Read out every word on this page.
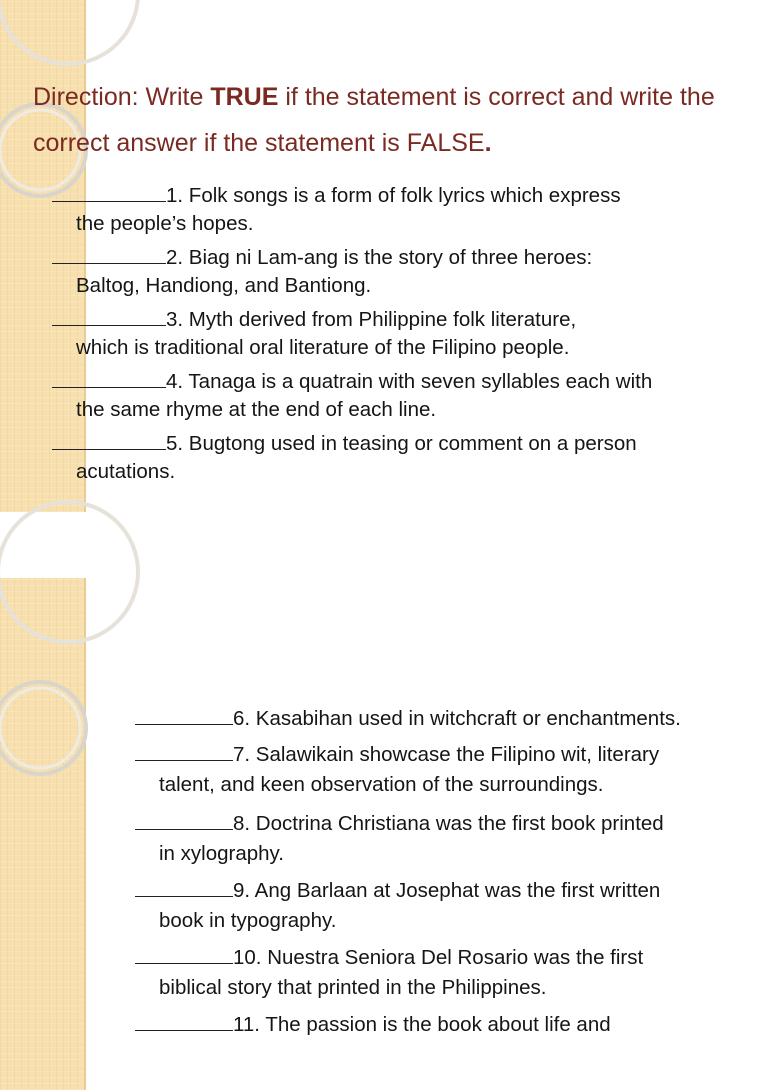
Direction: Write TRUE if the statement is correct and write the correct answer if the statement is FALSE.
1. Folk songs is a form of folk lyrics which express
the people’s hopes.
2. Biag ni Lam-ang is the story of three heroes:
Baltog, Handiong, and Bantiong.
3. Myth derived from Philippine folk literature,
which is traditional oral literature of the Filipino people.
4. Tanaga is a quatrain with seven syllables each with
the same rhyme at the end of each line.
5. Bugtong used in teasing or comment on a person
acutations.
6. Kasabihan used in witchcraft or enchantments.
7. Salawikain showcase the Filipino wit, literary
talent, and keen observation of the surroundings.
8. Doctrina Christiana was the first book printed
in xylography.
9. Ang Barlaan at Josephat was the first written
book in typography.
10. Nuestra Seniora Del Rosario was the first
biblical story that printed in the Philippines.
11. The passion is the book about life and
